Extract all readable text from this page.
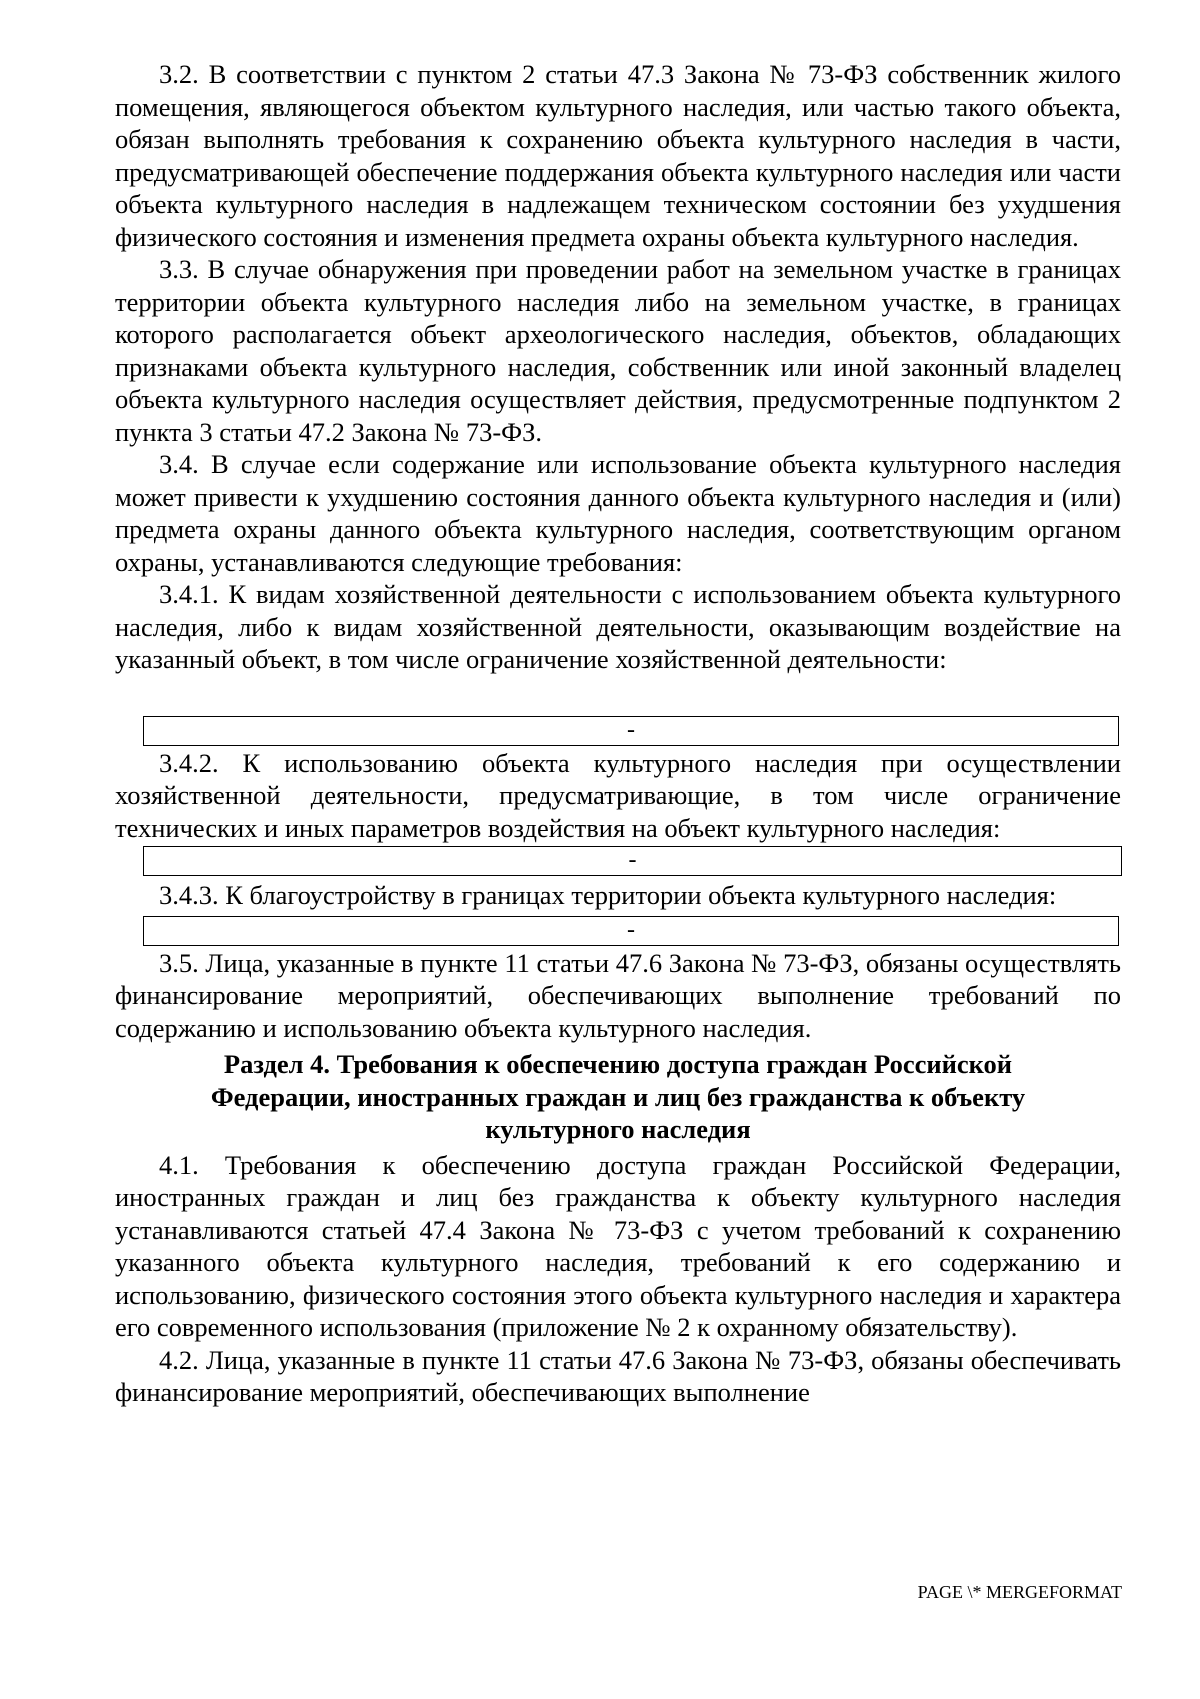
3.2. В соответствии с пунктом 2 статьи 47.3 Закона № 73-ФЗ собственник жилого помещения, являющегося объектом культурного наследия, или частью такого объекта, обязан выполнять требования к сохранению объекта культурного наследия в части, предусматривающей обеспечение поддержания объекта культурного наследия или части объекта культурного наследия в надлежащем техническом состоянии без ухудшения физического состояния и изменения предмета охраны объекта культурного наследия.

3.3. В случае обнаружения при проведении работ на земельном участке в границах территории объекта культурного наследия либо на земельном участке, в границах которого располагается объект археологического наследия, объектов, обладающих признаками объекта культурного наследия, собственник или иной законный владелец объекта культурного наследия осуществляет действия, предусмотренные подпунктом 2 пункта 3 статьи 47.2 Закона № 73-ФЗ.

3.4. В случае если содержание или использование объекта культурного наследия может привести к ухудшению состояния данного объекта культурного наследия и (или) предмета охраны данного объекта культурного наследия, соответствующим органом охраны, устанавливаются следующие требования:

3.4.1. К видам хозяйственной деятельности с использованием объекта культурного наследия, либо к видам хозяйственной деятельности, оказывающим воздействие на указанный объект, в том числе ограничение хозяйственной деятельности:

-

3.4.2. К использованию объекта культурного наследия при осуществлении хозяйственной деятельности, предусматривающие, в том числе ограничение технических и иных параметров воздействия на объект культурного наследия:

-

3.4.3. К благоустройству в границах территории объекта культурного наследия:

-

3.5. Лица, указанные в пункте 11 статьи 47.6 Закона № 73-ФЗ, обязаны осуществлять финансирование мероприятий, обеспечивающих выполнение требований по содержанию и использованию объекта культурного наследия.

Раздел 4. Требования к обеспечению доступа граждан Российской Федерации, иностранных граждан и лиц без гражданства к объекту культурного наследия

4.1. Требования к обеспечению доступа граждан Российской Федерации, иностранных граждан и лиц без гражданства к объекту культурного наследия устанавливаются статьей 47.4 Закона № 73-ФЗ с учетом требований к сохранению указанного объекта культурного наследия, требований к его содержанию и использованию, физического состояния этого объекта культурного наследия и характера его современного использования (приложение № 2 к охранному обязательству).

4.2. Лица, указанные в пункте 11 статьи 47.6 Закона № 73-ФЗ, обязаны обеспечивать финансирование мероприятий, обеспечивающих выполнение

PAGE \* MERGEFORMAT
